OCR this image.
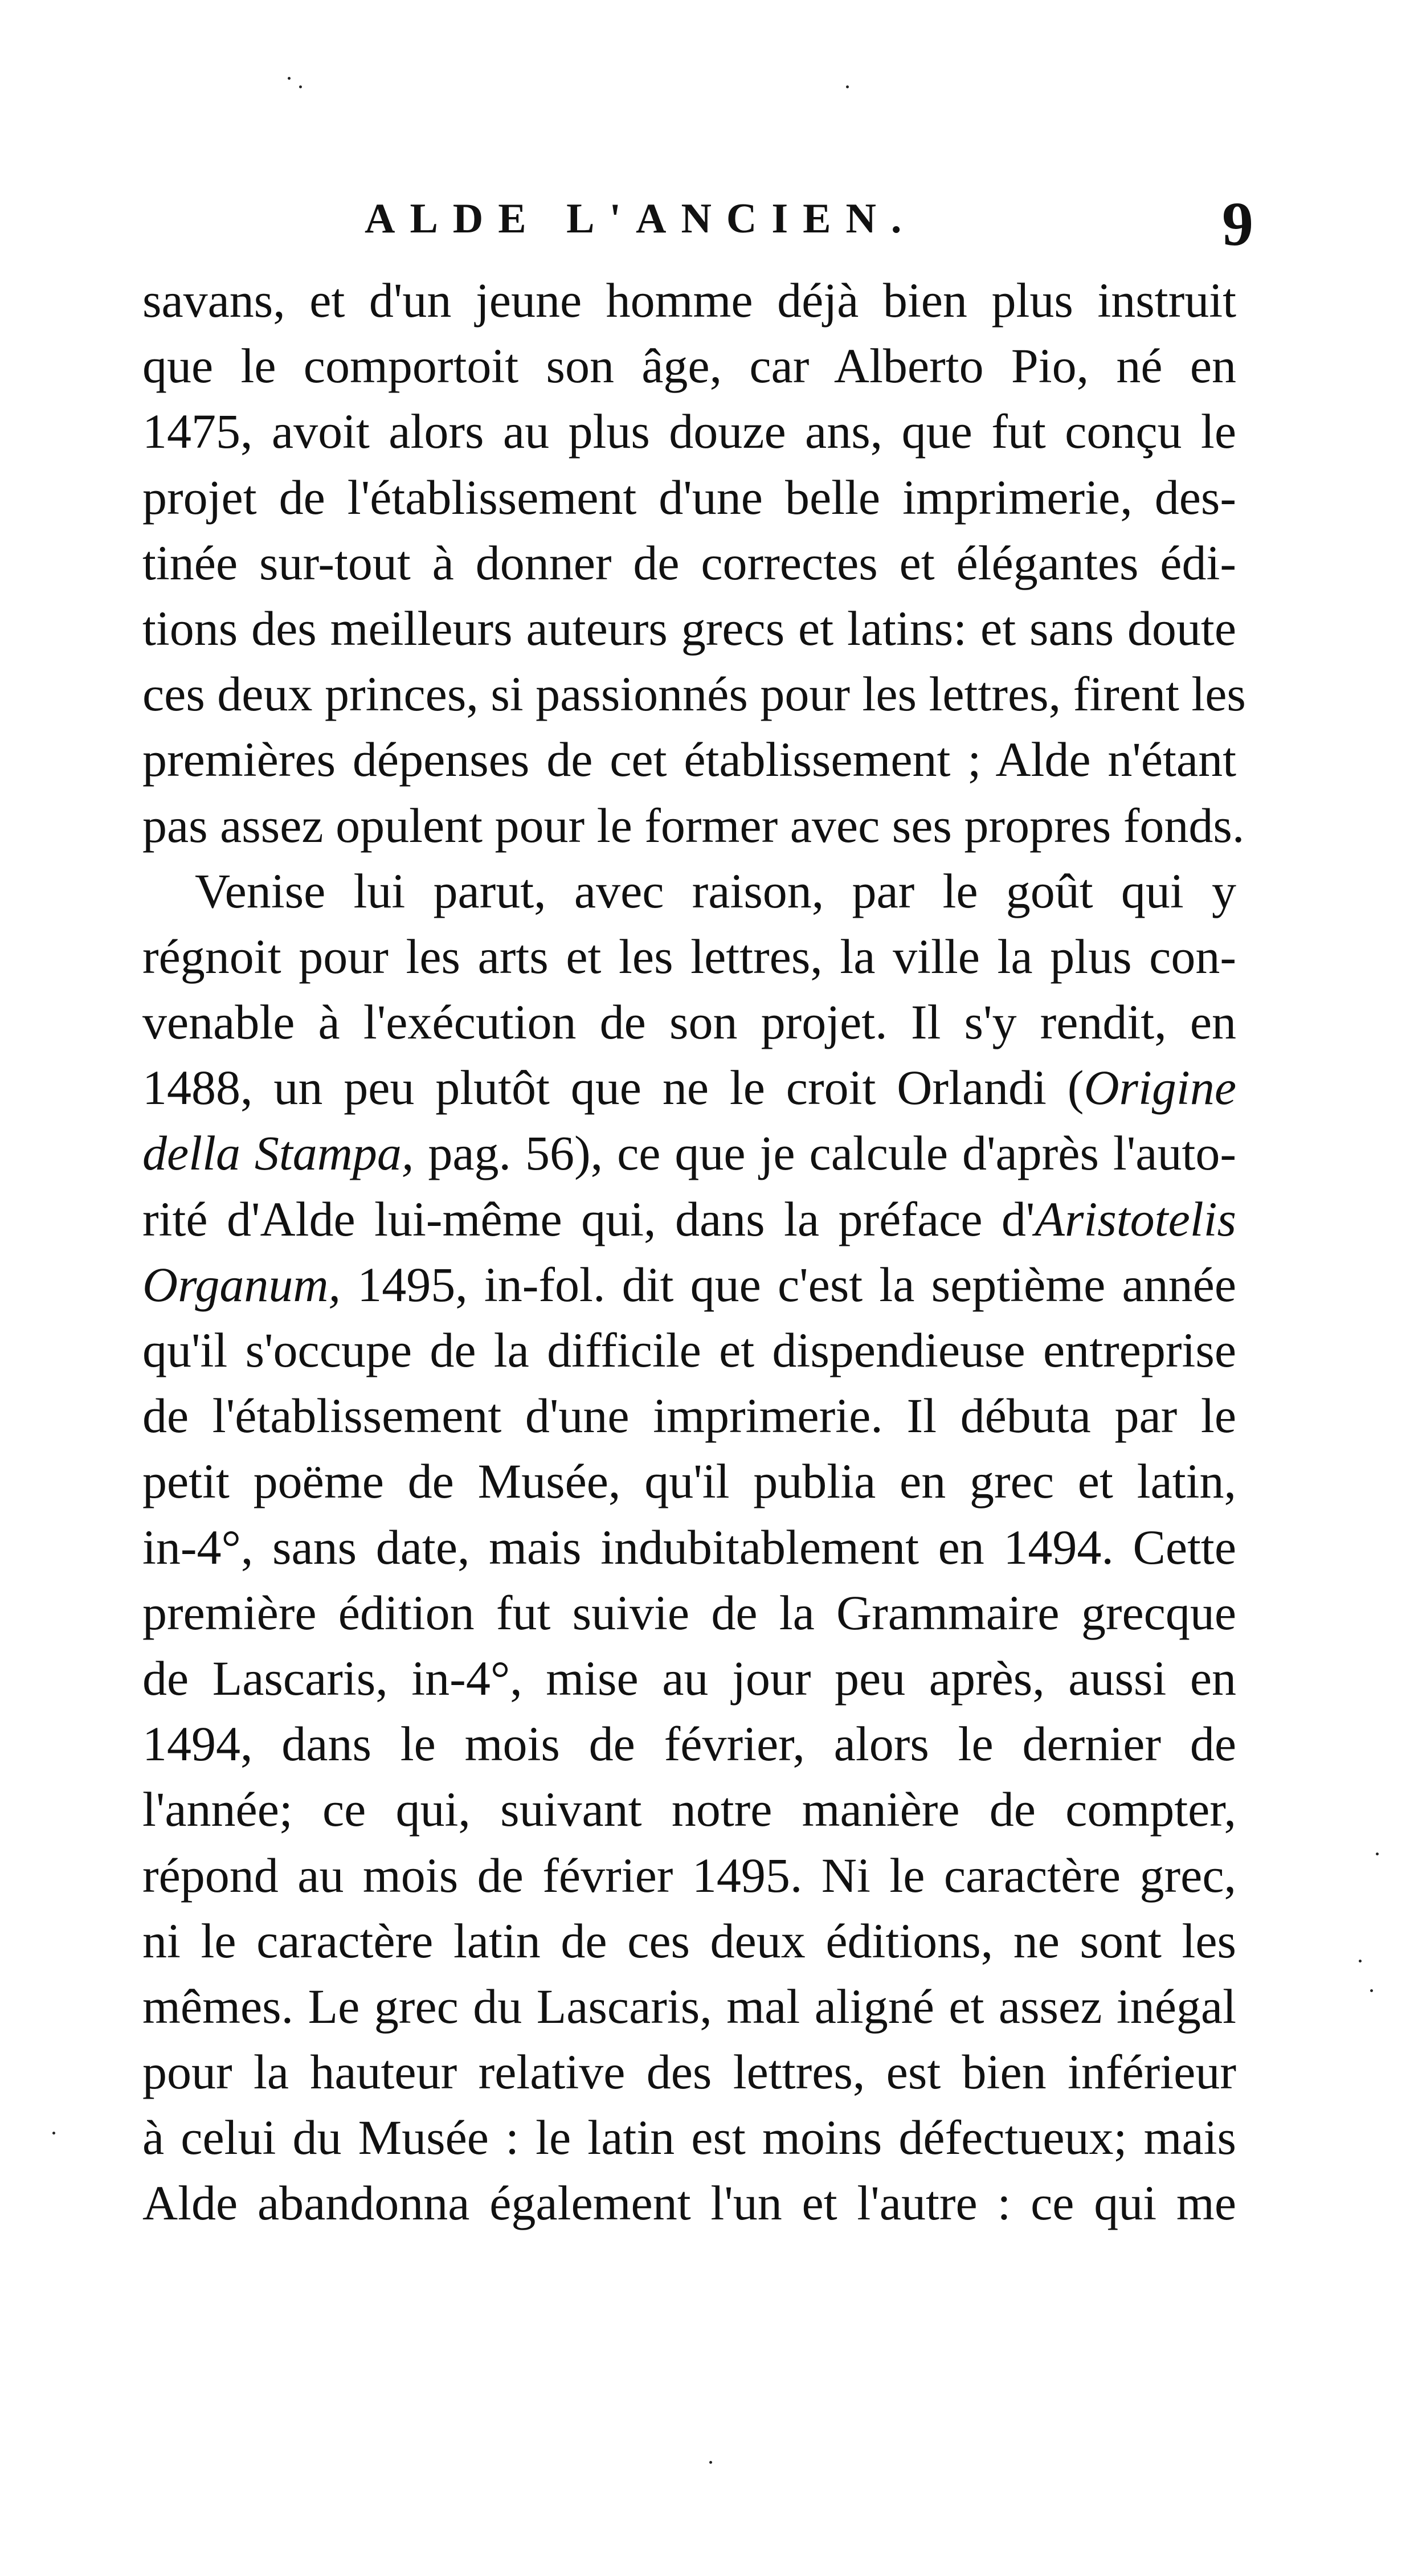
ALDE L'ANCIEN.	9
savans, et d'un jeune homme déjà bien plus instruit
que le comportoit son âge, car Alberto Pio, né en
1475, avoit alors au plus douze ans, que fut conçu le
projet de l'établissement d'une belle imprimerie, des-
tinée sur-tout à donner de correctes et élégantes édi-
tions des meilleurs auteurs grecs et latins: et sans doute
ces deux princes, si passionnés pour les lettres, firent les
premières dépenses de cet établissement ; Alde n'étant
pas assez opulent pour le former avec ses propres fonds.
Venise lui parut, avec raison, par le goût qui y
régnoit pour les arts et les lettres, la ville la plus con-
venable à l'exécution de son projet. Il s'y rendit, en
1488, un peu plutôt que ne le croit Orlandi (Origine
della Stampa, pag. 56), ce que je calcule d'après l'auto-
rité d'Alde lui-même qui, dans la préface d'Aristotelis
Organum, 1495, in-fol. dit que c'est la septième année
qu'il s'occupe de la difficile et dispendieuse entreprise
de l'établissement d'une imprimerie. Il débuta par le
petit poëme de Musée, qu'il publia en grec et latin,
in-4°, sans date, mais indubitablement en 1494. Cette
première édition fut suivie de la Grammaire grecque
de Lascaris, in-4°, mise au jour peu après, aussi en
1494, dans le mois de février, alors le dernier de
l'année; ce qui, suivant notre manière de compter,
répond au mois de février 1495. Ni le caractère grec,
ni le caractère latin de ces deux éditions, ne sont les
mêmes. Le grec du Lascaris, mal aligné et assez inégal
pour la hauteur relative des lettres, est bien inférieur
à celui du Musée : le latin est moins défectueux; mais
Alde abandonna également l'un et l'autre : ce qui me
